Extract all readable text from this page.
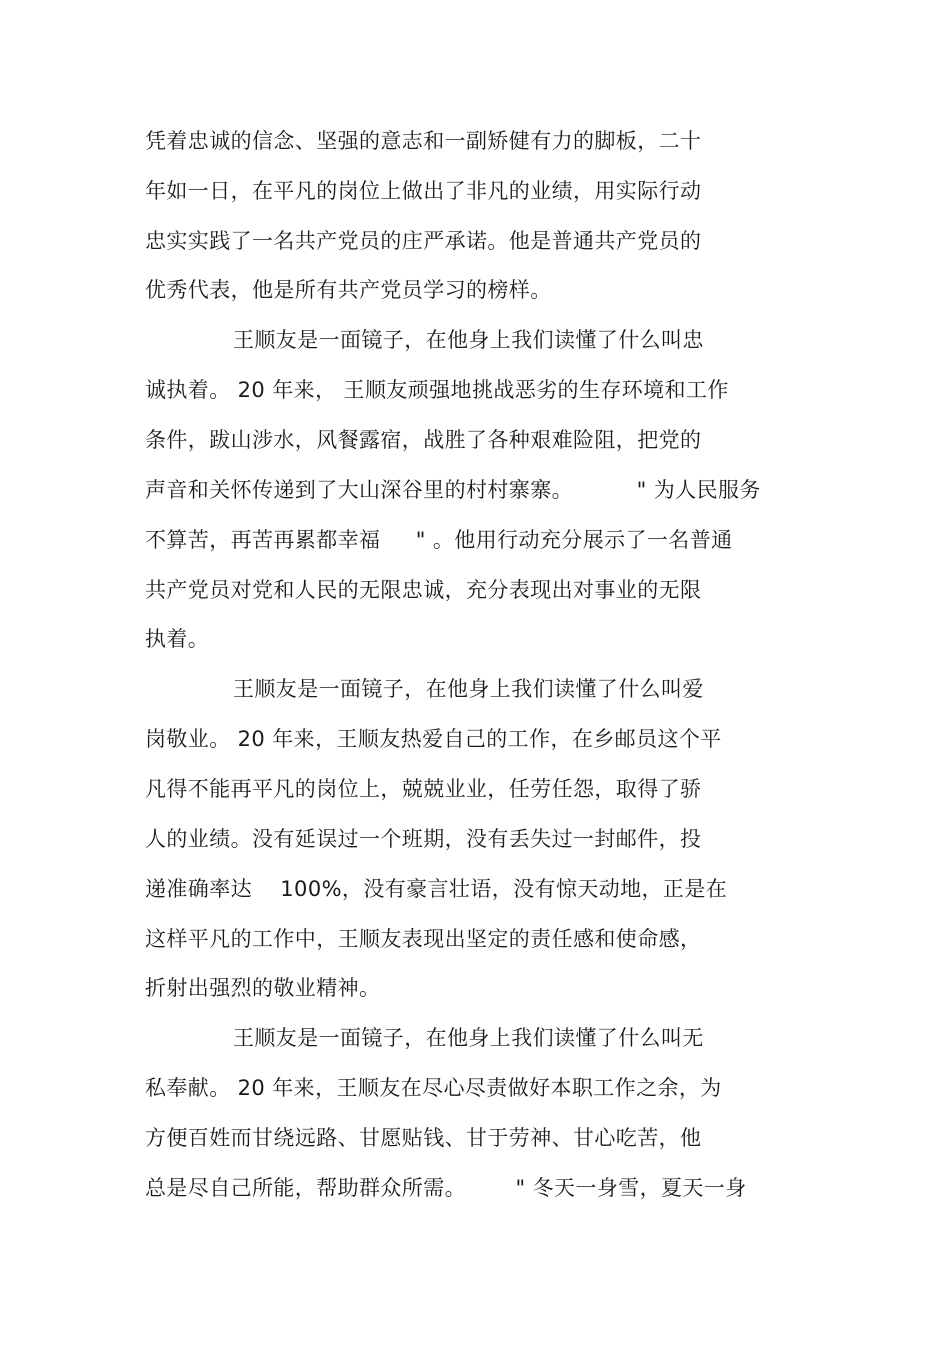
凭着忠诚的信念、坚强的意志和一副矫健有力的脚板，二十
年如一日，在平凡的岗位上做出了非凡的业绩，用实际行动
忠实实践了一名共产党员的庄严承诺。他是普通共产党员的
优秀代表，他是所有共产党员学习的榜样。
王顺友是一面镜子，在他身上我们读懂了什么叫忠
诚执着。 20 年来， 王顺友顽强地挑战恶劣的生存环境和工作
条件，跋山涉水，风餐露宿，战胜了各种艰难险阻，把党的
声音和关怀传递到了大山深谷里的村村寨寨。         " 为人民服务
不算苦，再苦再累都幸福     " 。他用行动充分展示了一名普通
共产党员对党和人民的无限忠诚，充分表现出对事业的无限
执着。
王顺友是一面镜子，在他身上我们读懂了什么叫爱
岗敬业。 20 年来，王顺友热爱自己的工作，在乡邮员这个平
凡得不能再平凡的岗位上，兢兢业业，任劳任怨，取得了骄
人的业绩。没有延误过一个班期，没有丢失过一封邮件，投
递准确率达    100%，没有豪言壮语，没有惊天动地，正是在
这样平凡的工作中，王顺友表现出坚定的责任感和使命感，
折射出强烈的敬业精神。
王顺友是一面镜子，在他身上我们读懂了什么叫无
私奉献。 20 年来，王顺友在尽心尽责做好本职工作之余，为
方便百姓而甘绕远路、甘愿贴钱、甘于劳神、甘心吃苦，他
总是尽自己所能，帮助群众所需。       " 冬天一身雪，夏天一身
